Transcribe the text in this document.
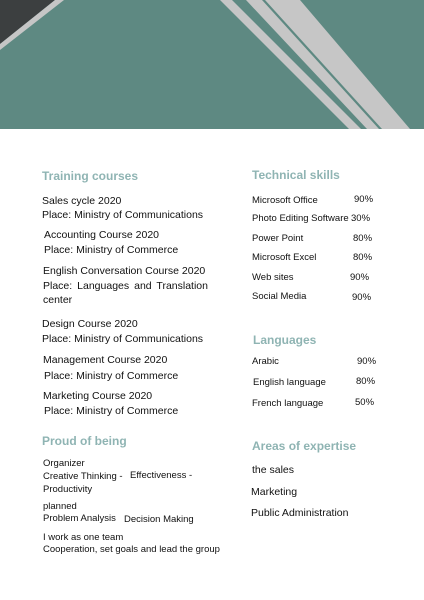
Training courses
Sales cycle 2020
Place: Ministry of Communications
Accounting Course 2020
Place: Ministry of Commerce
English Conversation Course 2020
Place: Languages and Translation center
Design Course 2020
Place: Ministry of Communications
Management Course 2020
Place: Ministry of Commerce
Marketing Course 2020
Place: Ministry of Commerce
Proud of being
Organizer
Creative Thinking - Effectiveness -
Productivity
planned
Problem Analysis Decision Making
I work as one team
Cooperation, set goals and lead the group
Technical skills
Microsoft Office	90%
Photo Editing Software 30%
Power Point	80%
Microsoft Excel	80%
Web sites	90%
Social Media	90%
Languages
Arabic	90%
English language	80%
French language	50%
Areas of expertise
the sales
Marketing
Public Administration
